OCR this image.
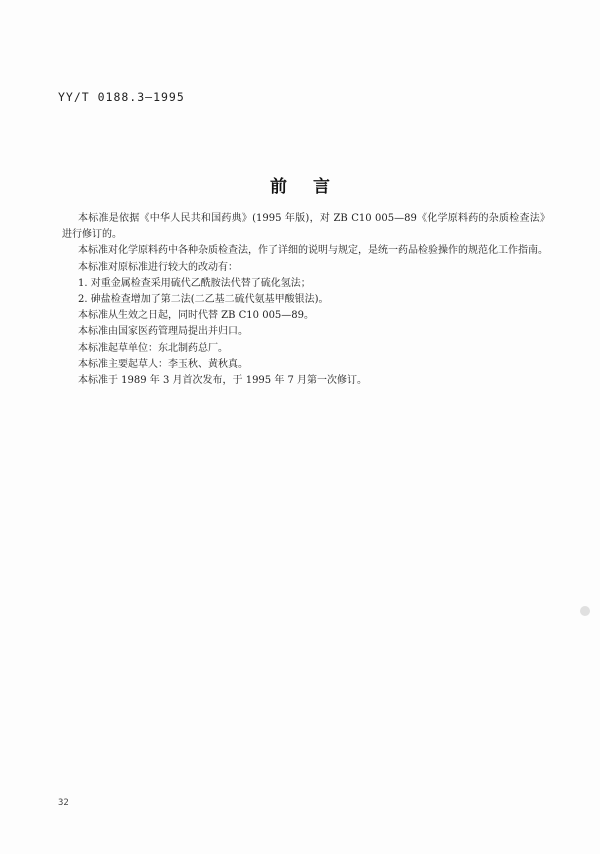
YY/T 0188.3—1995
前言

本标准是依据《中华人民共和国药典》(1995 年版)，对 ZB C10 005—89《化学原料药的杂质检查法》进行修订的。

本标准对化学原料药中各种杂质检查法，作了详细的说明与规定，是统一药品检验操作的规范化工作指南。

本标准对原标准进行较大的改动有：

1. 对重金属检查采用硫代乙酰胺法代替了硫化氢法；

2. 砷盐检查增加了第二法(二乙基二硫代氨基甲酸银法)。

本标准从生效之日起，同时代替 ZB C10 005—89。

本标准由国家医药管理局提出并归口。

本标准起草单位：东北制药总厂。

本标准主要起草人：李玉秋、黄秋真。

本标准于 1989 年 3 月首次发布，于 1995 年 7 月第一次修订。

32
